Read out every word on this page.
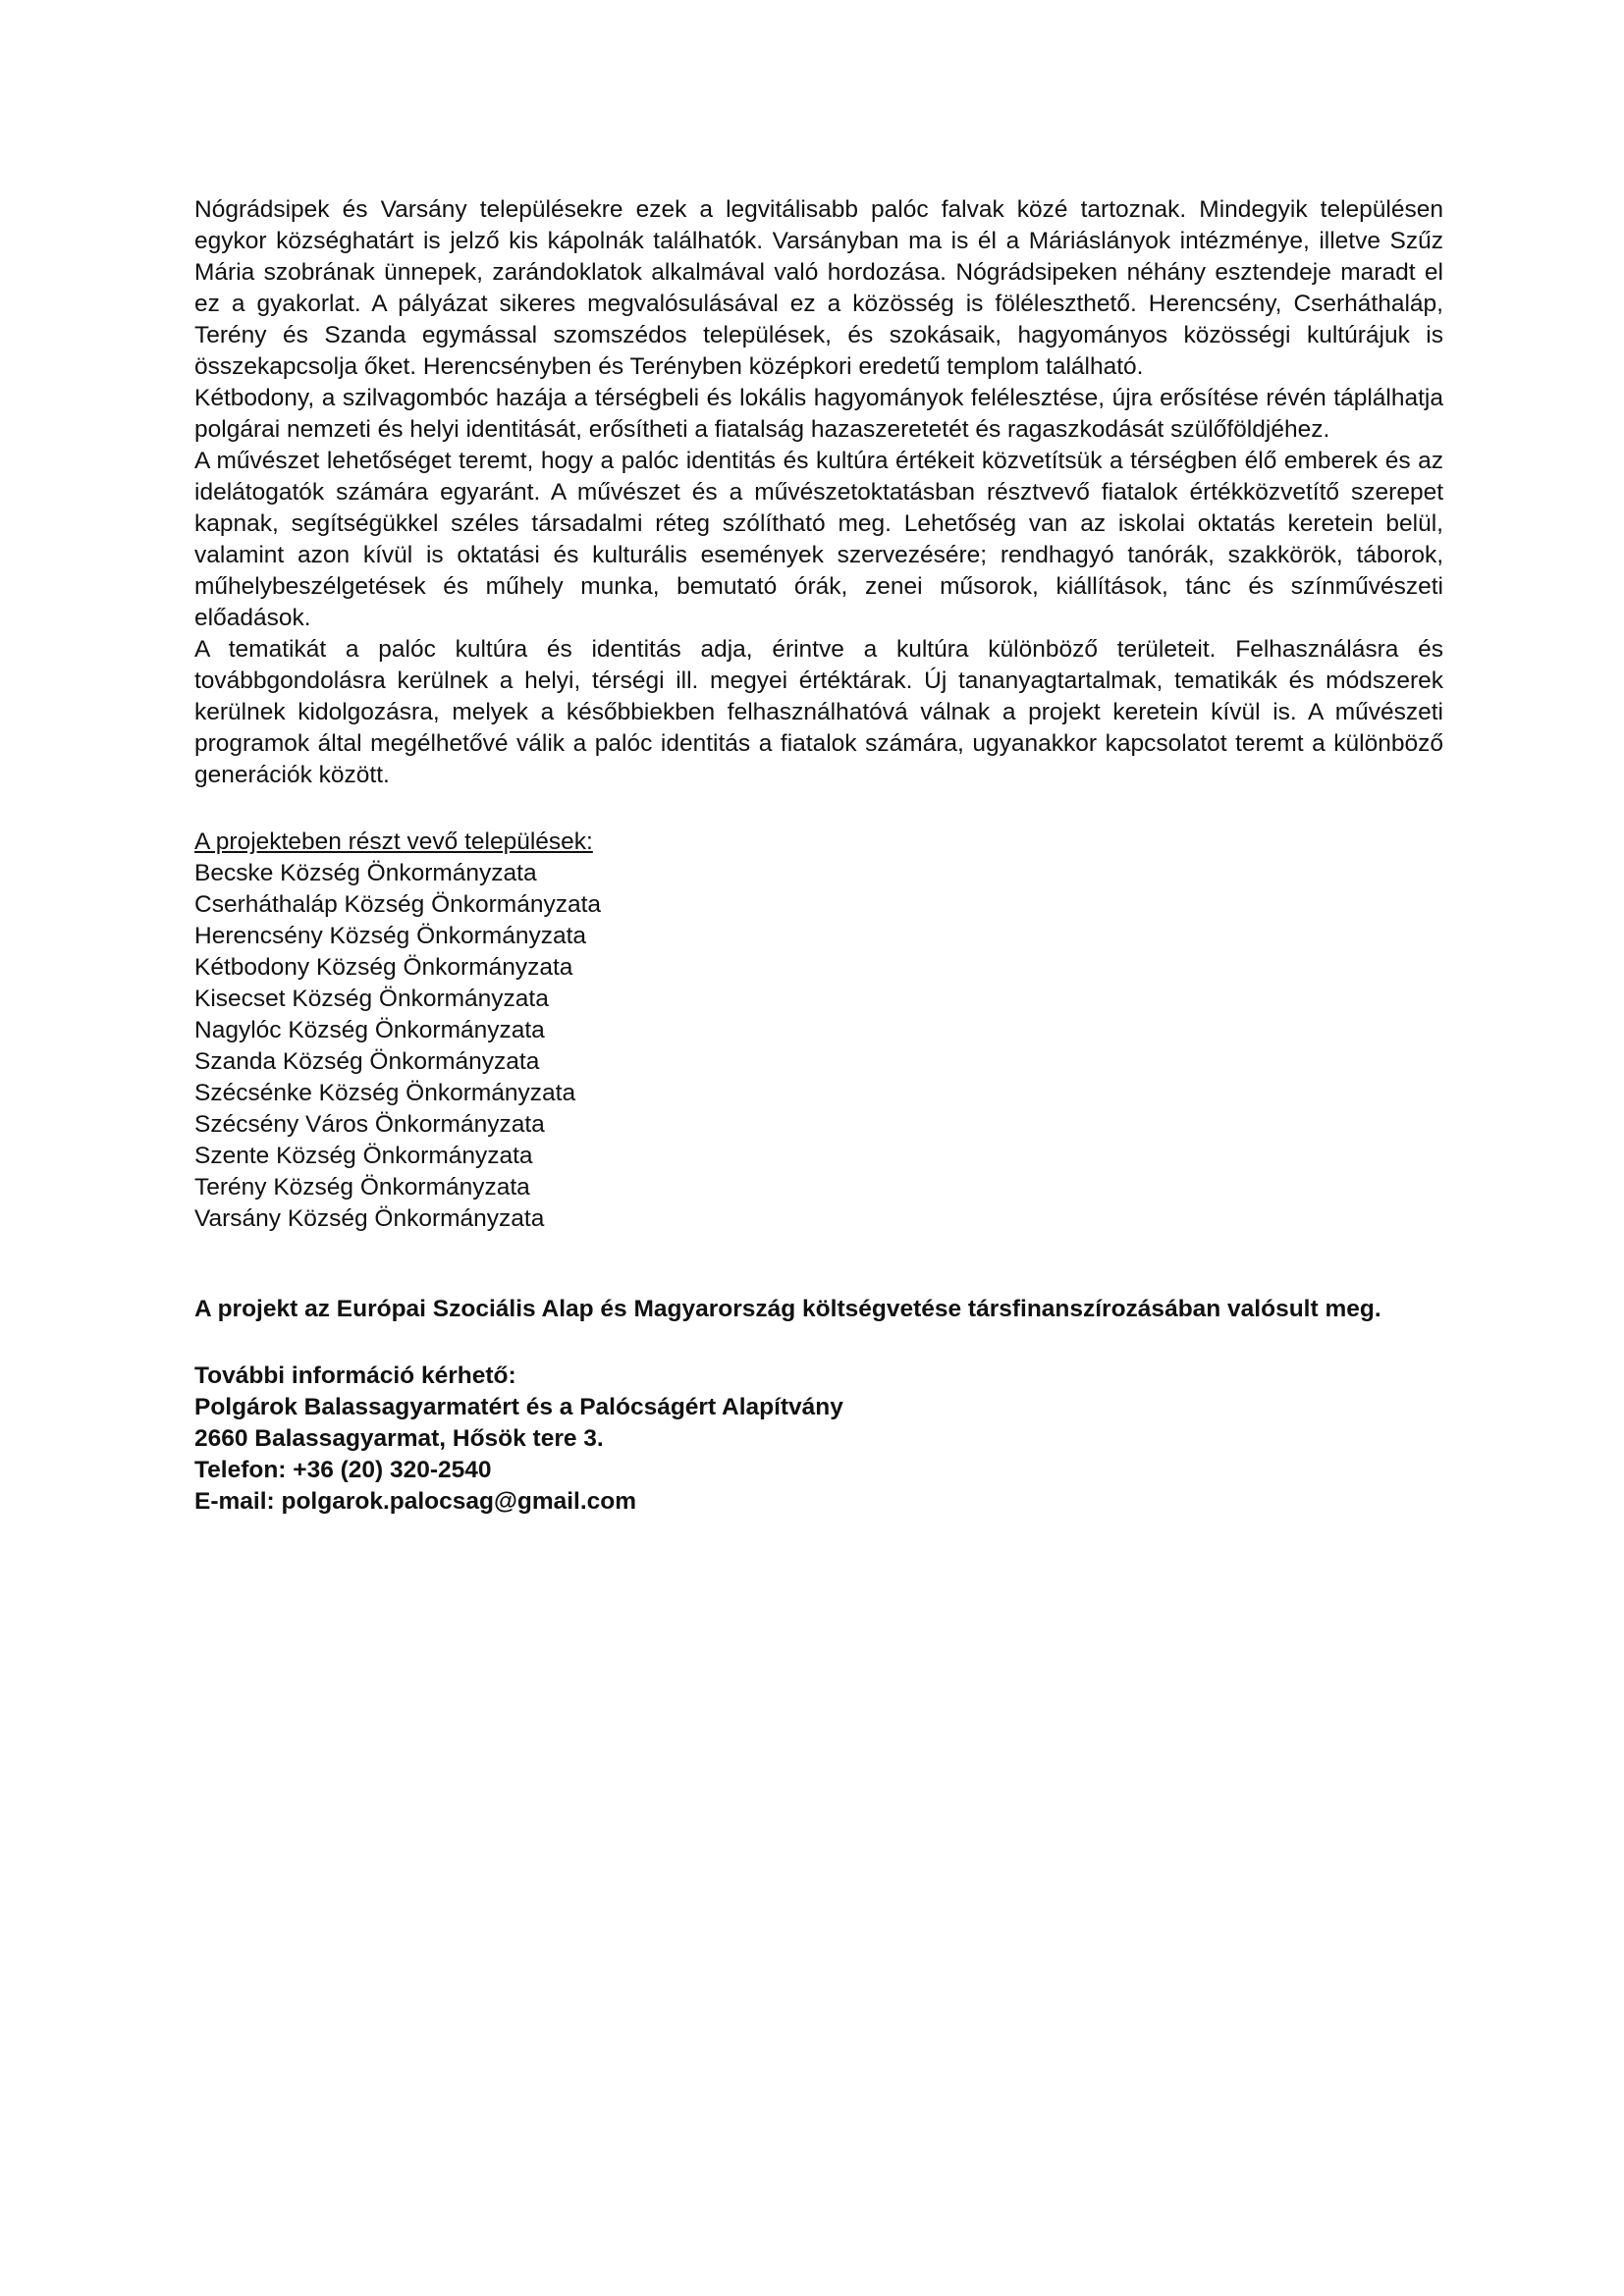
Nógrádsipek és Varsány településekre ezek a legvitálisabb palóc falvak közé tartoznak. Mindegyik településen egykor községhatárt is jelző kis kápolnák találhatók. Varsányban ma is él a Máriáslányok intézménye, illetve Szűz Mária szobrának ünnepek, zarándoklatok alkalmával való hordozása. Nógrádsipeken néhány esztendeje maradt el ez a gyakorlat. A pályázat sikeres megvalósulásával ez a közösség is föléleszthető. Herencsény, Cserháthaláp, Terény és Szanda egymással szomszédos települések, és szokásaik, hagyományos közösségi kultúrájuk is összekapcsolja őket. Herencsényben és Terényben középkori eredetű templom található.

Kétbodony, a szilvagombóc hazája a térségbeli és lokális hagyományok felélesztése, újra erősítése révén táplálhatja polgárai nemzeti és helyi identitását, erősítheti a fiatalság hazaszeretetét és ragaszkodását szülőföldjéhez.

A művészet lehetőséget teremt, hogy a palóc identitás és kultúra értékeit közvetítsük a térségben élő emberek és az idelátogatók számára egyaránt. A művészet és a művészetoktatásban résztvevő fiatalok értékközvetítő szerepet kapnak, segítségükkel széles társadalmi réteg szólítható meg. Lehetőség van az iskolai oktatás keretein belül, valamint azon kívül is oktatási és kulturális események szervezésére; rendhagyó tanórák, szakkörök, táborok, műhelybeszélgetések és műhely munka, bemutató órák, zenei műsorok, kiállítások, tánc és színművészeti előadások.

A tematikát a palóc kultúra és identitás adja, érintve a kultúra különböző területeit. Felhasználásra és továbbgondolásra kerülnek a helyi, térségi ill. megyei értéktárak. Új tananyagtartalmak, tematikák és módszerek kerülnek kidolgozásra, melyek a későbbiekben felhasználhatóvá válnak a projekt keretein kívül is. A művészeti programok által megélhetővé válik a palóc identitás a fiatalok számára, ugyanakkor kapcsolatot teremt a különböző generációk között.

A projekteben részt vevő települések:
Becske Község Önkormányzata
Cserháthaláp Község Önkormányzata
Herencsény Község Önkormányzata
Kétbodony Község Önkormányzata
Kisecset Község Önkormányzata
Nagylóc Község Önkormányzata
Szanda Község Önkormányzata
Szécsénke Község Önkormányzata
Szécsény Város Önkormányzata
Szente Község Önkormányzata
Terény Község Önkormányzata
Varsány Község Önkormányzata

A projekt az Európai Szociális Alap és Magyarország költségvetése társfinanszírozásában valósult meg.

További információ kérhető:
Polgárok Balassagyarmatért és a Palócságért Alapítvány
2660 Balassagyarmat, Hősök tere 3.
Telefon: +36 (20) 320-2540
E-mail: polgarok.palocsag@gmail.com
